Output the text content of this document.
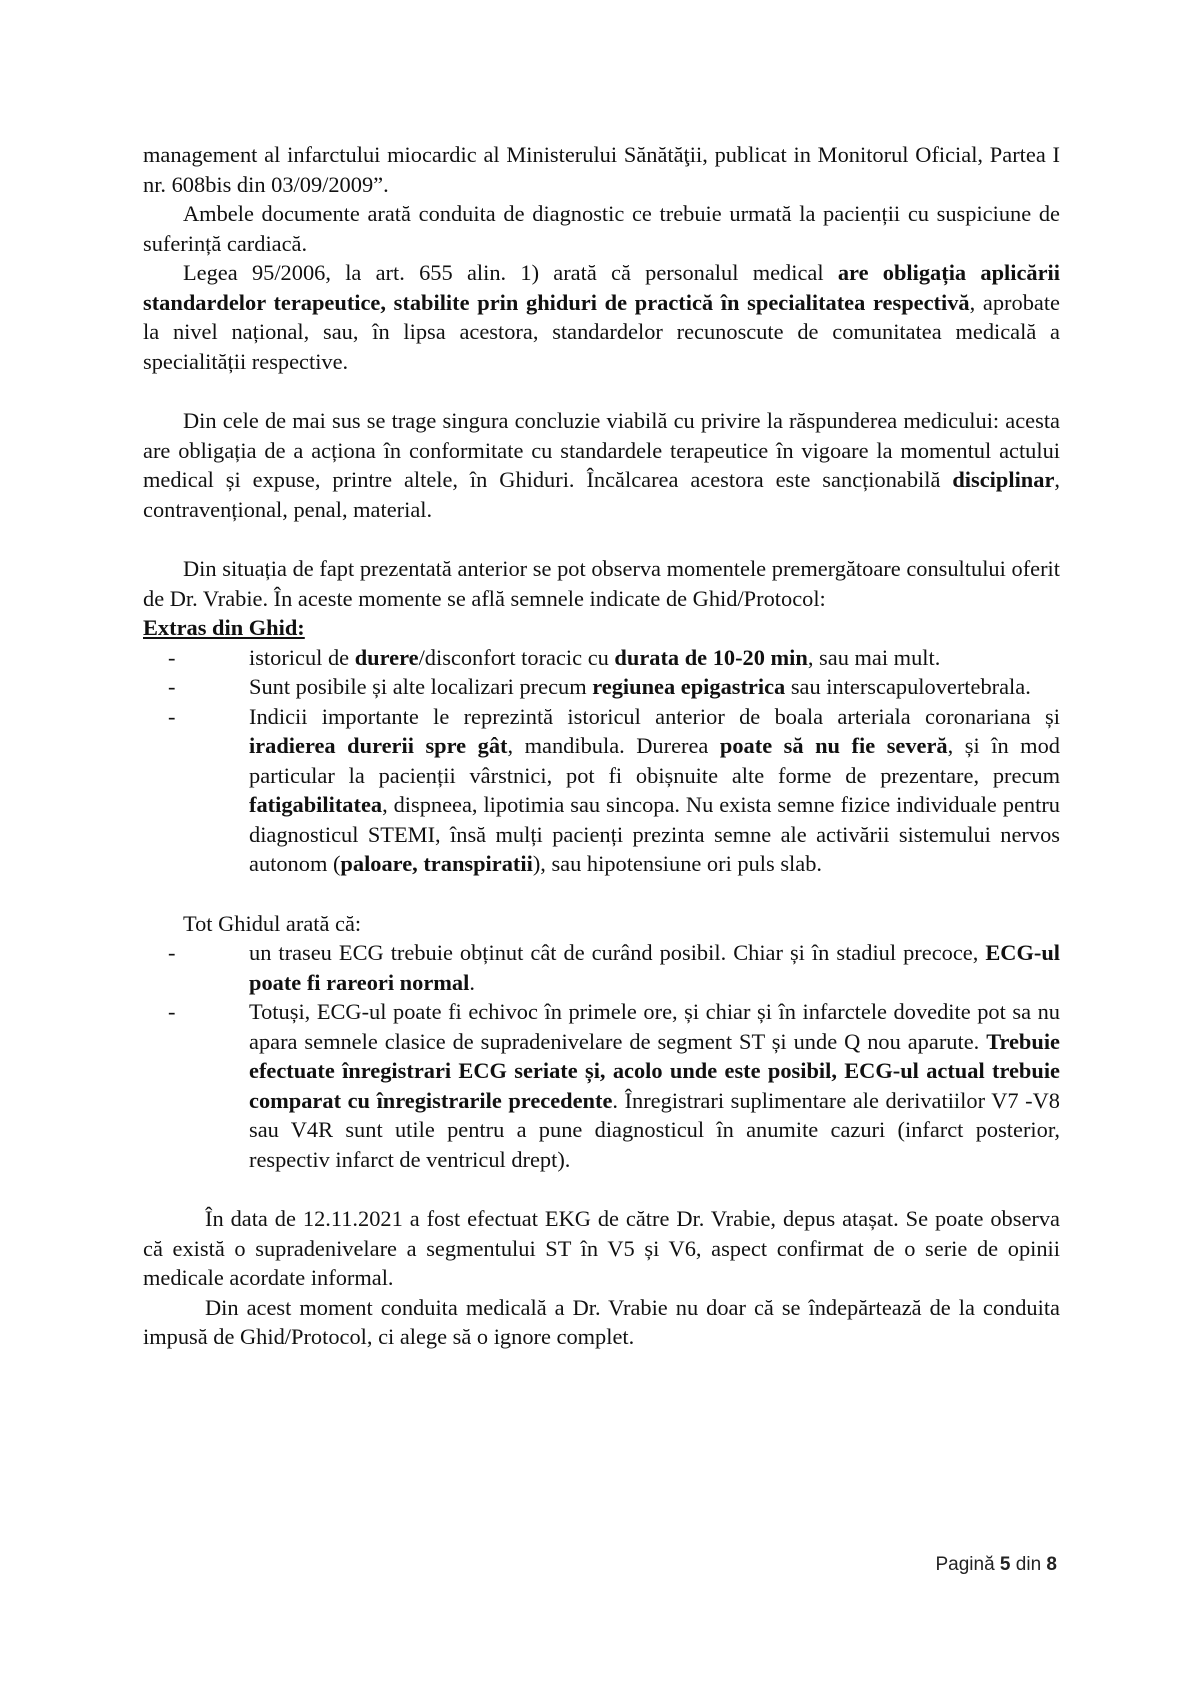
management al infarctului miocardic al Ministerului Sănătăţii, publicat in Monitorul Oficial, Partea I nr. 608bis din 03/09/2009”.

Ambele documente arată conduita de diagnostic ce trebuie urmată la pacienții cu suspiciune de suferință cardiacă.

Legea 95/2006, la art. 655 alin. 1) arată că personalul medical are obligația aplicării standardelor terapeutice, stabilite prin ghiduri de practică în specialitatea respectivă, aprobate la nivel național, sau, în lipsa acestora, standardelor recunoscute de comunitatea medicală a specialității respective.

Din cele de mai sus se trage singura concluzie viabilă cu privire la răspunderea medicului: acesta are obligația de a acționa în conformitate cu standardele terapeutice în vigoare la momentul actului medical și expuse, printre altele, în Ghiduri. Încălcarea acestora este sancționabilă disciplinar, contravențional, penal, material.

Din situația de fapt prezentată anterior se pot observa momentele premergătoare consultului oferit de Dr. Vrabie. În aceste momente se află semnele indicate de Ghid/Protocol:

Extras din Ghid:

-	istoricul de durere/disconfort toracic cu durata de 10-20 min, sau mai mult.
-	Sunt posibile și alte localizari precum regiunea epigastrica sau interscapulovertebrala.
-	Indicii importante le reprezintă istoricul anterior de boala arteriala coronariana și iradierea durerii spre gât, mandibula. Durerea poate să nu fie severă, și în mod particular la pacienții vârstnici, pot fi obișnuite alte forme de prezentare, precum fatigabilitatea, dispneea, lipotimia sau sincopa. Nu exista semne fizice individuale pentru diagnosticul STEMI, însă mulți pacienți prezinta semne ale activării sistemului nervos autonom (paloare, transpiratii), sau hipotensiune ori puls slab.

Tot Ghidul arată că:

-	un traseu ECG trebuie obținut cât de curând posibil. Chiar și în stadiul precoce, ECG-ul poate fi rareori normal.
-	Totuși, ECG-ul poate fi echivoc în primele ore, și chiar și în infarctele dovedite pot sa nu apara semnele clasice de supradenivelare de segment ST și unde Q nou aparute. Trebuie efectuate înregistrari ECG seriate și, acolo unde este posibil, ECG-ul actual trebuie comparat cu înregistrarile precedente. Înregistrari suplimentare ale derivatiilor V7 -V8 sau V4R sunt utile pentru a pune diagnosticul în anumite cazuri (infarct posterior, respectiv infarct de ventricul drept).

În data de 12.11.2021 a fost efectuat EKG de către Dr. Vrabie, depus atașat. Se poate observa că există o supradenivelare a segmentului ST în V5 și V6, aspect confirmat de o serie de opinii medicale acordate informal.

Din acest moment conduita medicală a Dr. Vrabie nu doar că se îndepărtează de la conduita impusă de Ghid/Protocol, ci alege să o ignore complet.

Pagină 5 din 8
